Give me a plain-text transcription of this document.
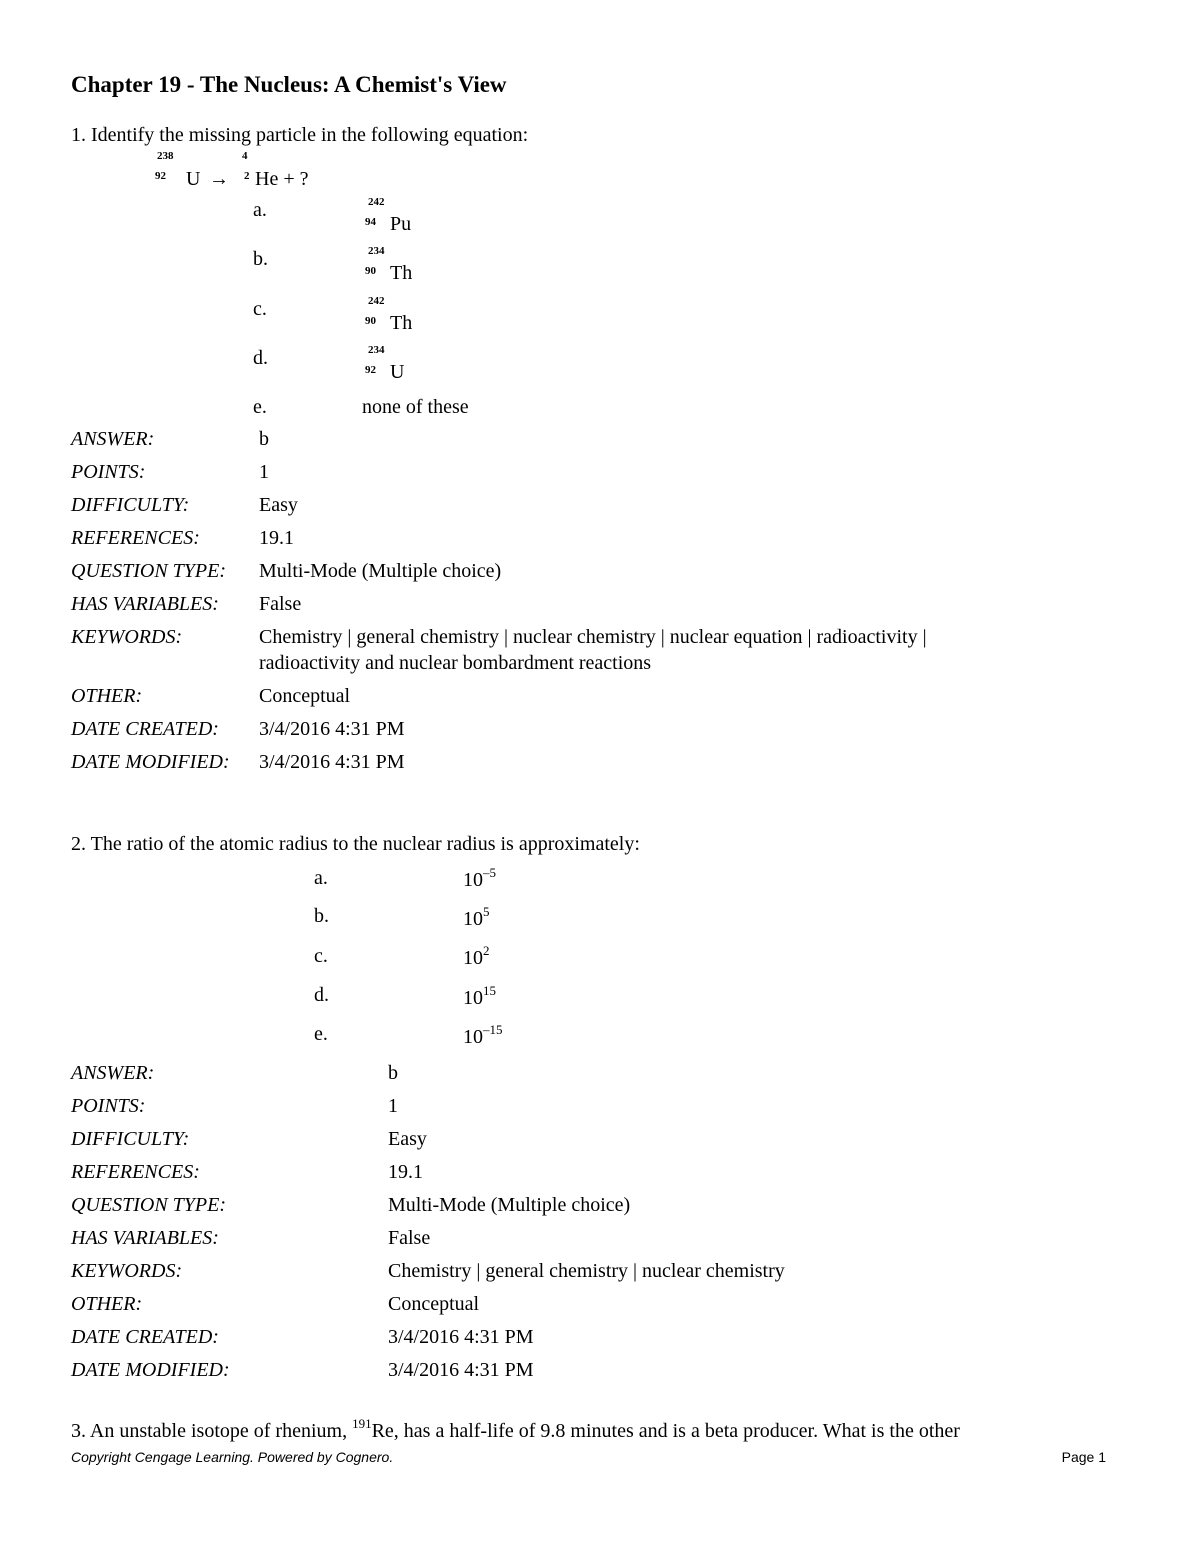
Chapter 19 - The Nucleus: A Chemist's View
1. Identify the missing particle in the following equation:
238
92 U →
4
2 He + ?
a.	242
94 Pu
b.	234
90 Th
c.	242
90 Th
d.	234
92 U
e.	none of these
ANSWER:	b
POINTS:	1
DIFFICULTY:	Easy
REFERENCES:	19.1
QUESTION TYPE: Multi-Mode (Multiple choice)
HAS VARIABLES: False
KEYWORDS:	Chemistry | general chemistry | nuclear chemistry | nuclear equation | radioactivity |
radioactivity and nuclear bombardment reactions
OTHER:	Conceptual
DATE CREATED: 3/4/2016 4:31 PM
DATE MODIFIED: 3/4/2016 4:31 PM
2. The ratio of the atomic radius to the nuclear radius is approximately:
a.	$10^{-5}$
b.	$10^5$
c.	$10^2$
d.	$10^{15}$
e.	$10^{-15}$
ANSWER:	b
POINTS:	1
DIFFICULTY:	Easy
REFERENCES:	19.1
QUESTION TYPE:	Multi-Mode (Multiple choice)
HAS VARIABLES:	False
KEYWORDS:	Chemistry | general chemistry | nuclear chemistry
OTHER:	Conceptual
DATE CREATED:	3/4/2016 4:31 PM
DATE MODIFIED:	3/4/2016 4:31 PM
3. An unstable isotope of rhenium, $^{191}$Re, has a half-life of 9.8 minutes and is a beta producer. What is the other
Copyright Cengage Learning. Powered by Cognero.	Page 1
